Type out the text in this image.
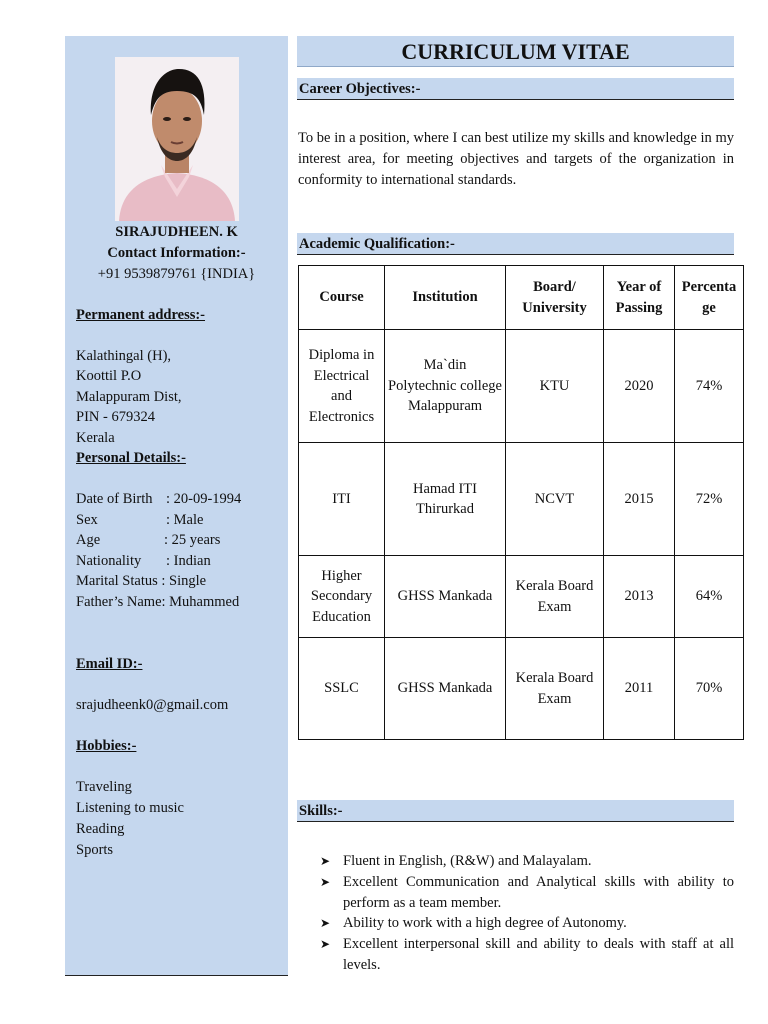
SIRAJUDHEEN. K
Contact Information:-
+91 9539879761 {INDIA}
Permanent address:-
Kalathingal (H),
Koottil P.O
Malappuram Dist,
PIN - 679324
Kerala
Personal Details:-
Date of Birth : 20-09-1994
Sex	: Male
Age	: 25 years
Nationality : Indian
Marital Status : Single
Father’s Name: Muhammed
Email ID:-
srajudheenk0@gmail.com
Hobbies:-
Traveling
Listening to music
Reading
Sports
CURRICULUM VITAE
Career Objectives:-
To be in a position, where I can best utilize my skills and knowledge in my interest area, for meeting objectives and targets of the organization in conformity to international standards.
Academic Qualification:-
Course	Institution	Board/ University	Year of Passing	Percenta ge
Diploma in Electrical and Electronics	Ma`din Polytechnic college Malappuram	KTU	2020	74%
ITI	Hamad ITI Thirurkad	NCVT	2015	72%
Higher Secondary Education	GHSS Mankada	Kerala Board Exam	2013	64%
SSLC	GHSS Mankada	Kerala Board Exam	2011	70%
Skills:-
➤ Fluent in English, (R&W) and Malayalam.
➤ Excellent Communication and Analytical skills with ability to perform as a team member.
➤ Ability to work with a high degree of Autonomy.
➤ Excellent interpersonal skill and ability to deals with staff at all levels.
